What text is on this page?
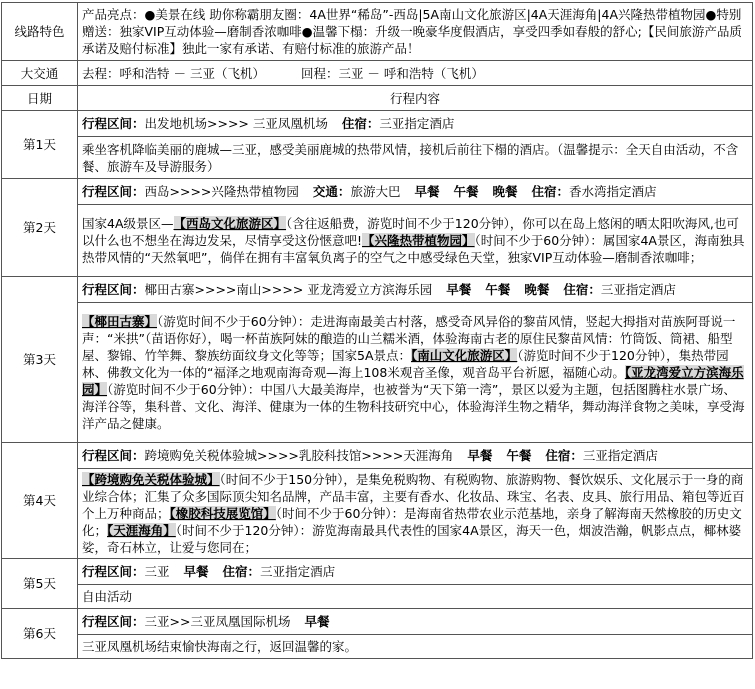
线路特色	产品亮点：●美景在线 助你称霸朋友圈：4A世界“稀岛”-西岛|5A南山文化旅游区|4A天涯海角|4A兴隆热带植物园●特别赠送：独家VIP互动体验—磨制香浓咖啡●温馨下榻：升级一晚豪华度假酒店，享受四季如春般的舒心;【民间旅游产品质承诺及赔付标准】独此一家有承诺、有赔付标准的旅游产品！
大交通	去程：呼和浩特 － 三亚（飞机） 回程：三亚 － 呼和浩特（飞机）
日期	行程内容
第1天	行程区间：出发地机场>>>> 三亚凤凰机场 住宿：三亚指定酒店
	乘坐客机降临美丽的鹿城—三亚，感受美丽鹿城的热带风情，接机后前往下榻的酒店。（温馨提示：全天自由活动，不含餐、旅游车及导游服务）
第2天	行程区间：西岛>>>>兴隆热带植物园 交通：旅游大巴 早餐 午餐 晚餐 住宿：香水湾指定酒店
	国家4A级景区—【西岛文化旅游区】（含往返船费，游览时间不少于120分钟），你可以在岛上悠闲的晒太阳吹海风,也可以什么也不想坐在海边发呆，尽情享受这份惬意吧!【兴隆热带植物园】（时间不少于60分钟）：属国家4A景区，海南独具热带风情的“天然氧吧”，倘佯在拥有丰富氧负离子的空气之中感受绿色天堂，独家VIP互动体验—磨制香浓咖啡；
第3天	行程区间：椰田古寨>>>>南山>>>> 亚龙湾爱立方滨海乐园 早餐 午餐 晚餐 住宿：三亚指定酒店
	【椰田古寨】（游览时间不少于60分钟）：走进海南最美古村落，感受奇风异俗的黎苗风情，竖起大拇指对苗族阿哥说一声：“米拱”（苗语你好），喝一杯苗族阿妹的酿造的山兰糯米酒，体验海南古老的原住民黎苗风情：竹筒饭、筒裙、船型屋、黎锦、竹竿舞、黎族纺面纹身文化等等；国家5A景点：【南山文化旅游区】（游览时间不少于120分钟），集热带园林、佛教文化为一体的“福泽之地观南海奇观—海上108米观音圣像，观音岛平台祈愿，福随心动。【亚龙湾爱立方滨海乐园】（游览时间不少于60分钟）：中国八大最美海岸，也被誉为“天下第一湾”，景区以爱为主题，包括图腾柱水景广场、海洋谷等，集科普、文化、海洋、健康为一体的生物科技研究中心，体验海洋生物之精华，舞动海洋食物之美味，享受海洋产品之健康。
第4天	行程区间：跨境购免关税体验城>>>>乳胶科技馆>>>>天涯海角 早餐 午餐 住宿：三亚指定酒店
	【跨境购免关税体验城】（时间不少于150分钟），是集免税购物、有税购物、旅游购物、餐饮娱乐、文化展示于一身的商业综合体；汇集了众多国际顶尖知名品牌，产品丰富，主要有香水、化妆品、珠宝、名表、皮具、旅行用品、箱包等近百个上万种商品；【橡胶科技展览馆】（时间不少于60分钟）：是海南省热带农业示范基地，亲身了解海南天然橡胶的历史文化；【天涯海角】（时间不少于120分钟）：游览海南最具代表性的国家4A景区，海天一色，烟波浩瀚，帆影点点，椰林婆娑，奇石林立，让爱与您同在；
第5天	行程区间：三亚 早餐 住宿：三亚指定酒店
	自由活动
第6天	行程区间：三亚>>三亚凤凰国际机场 早餐
	三亚凤凰机场结束愉快海南之行，返回温馨的家。
